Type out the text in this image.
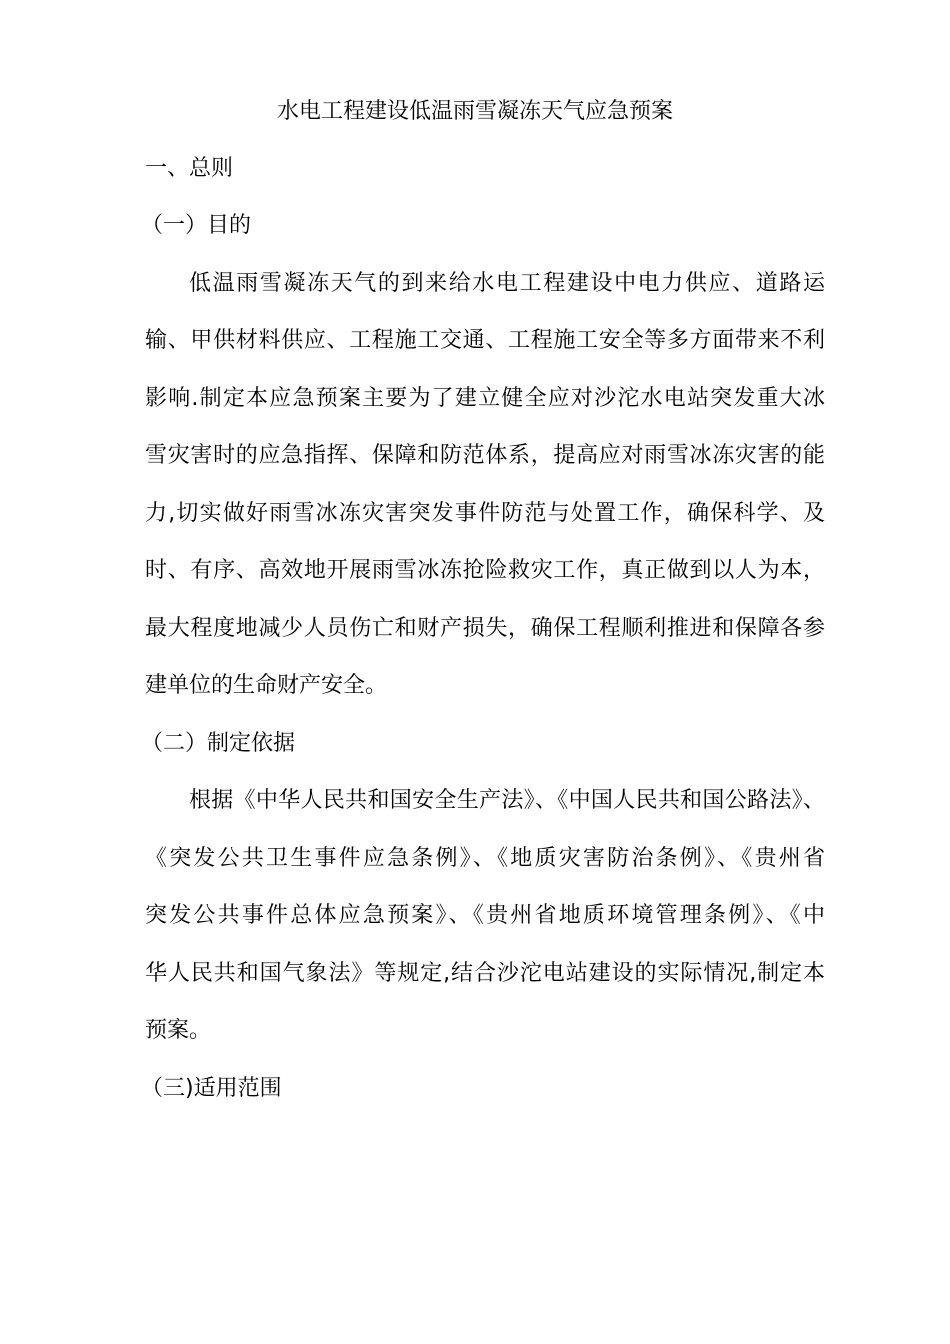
水电工程建设低温雨雪凝冻天气应急预案
一、总则
（一）目的
低温雨雪凝冻天气的到来给水电工程建设中电力供应、道路运
输、甲供材料供应、工程施工交通、工程施工安全等多方面带来不利
影响.制定本应急预案主要为了建立健全应对沙沱水电站突发重大冰
雪灾害时的应急指挥、保障和防范体系，提高应对雨雪冰冻灾害的能
力,切实做好雨雪冰冻灾害突发事件防范与处置工作，确保科学、及
时、有序、高效地开展雨雪冰冻抢险救灾工作，真正做到以人为本，
最大程度地减少人员伤亡和财产损失，确保工程顺利推进和保障各参
建单位的生命财产安全。
（二）制定依据
根据《中华人民共和国安全生产法》、《中国人民共和国公路法》、
《突发公共卫生事件应急条例》、《地质灾害防治条例》、《贵州省
突发公共事件总体应急预案》、《贵州省地质环境管理条例》、《中
华人民共和国气象法》等规定,结合沙沱电站建设的实际情况,制定本
预案。
（三)适用范围
